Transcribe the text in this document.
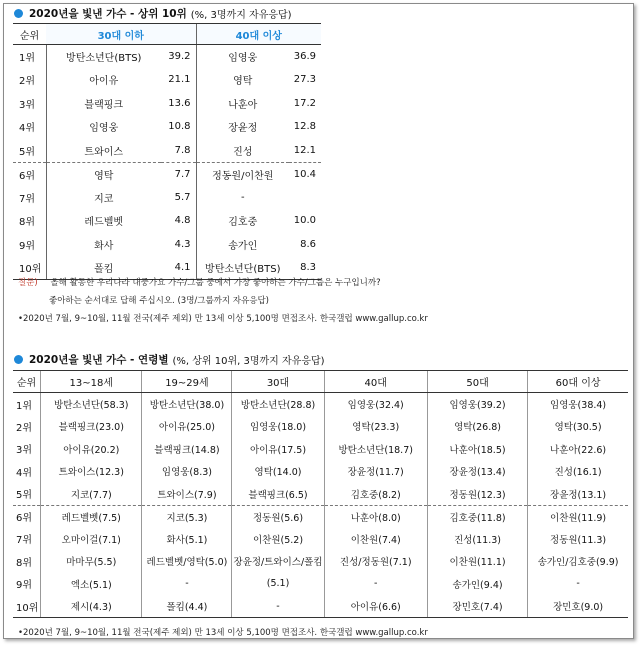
2020년을 빛낸 가수 - 상위 10위 (%, 3명까지 자유응답)
순위	30대 이하		40대 이상	
1위	방탄소년단(BTS)	39.2	임영웅	36.9
2위	아이유	21.1	영탁	27.3
3위	블랙핑크	13.6	나훈아	17.2
4위	임영웅	10.8	장윤정	12.8
5위	트와이스	7.8	진성	12.1
6위	영탁	7.7	정동원/이찬원	10.4
7위	지코	5.7	-	
8위	레드벨벳	4.8	김호중	10.0
9위	화사	4.3	송가인	8.6
10위	폴킴	4.1	방탄소년단(BTS)	8.3
질문) 올해 활동한 우리나라 대중가요 가수/그룹 중에서 가장 좋아하는 가수/그룹은 누구입니까?
좋아하는 순서대로 답해 주십시오. (3명/그룹까지 자유응답)
•2020년 7월, 9~10월, 11월 전국(제주 제외) 만 13세 이상 5,100명 면접조사. 한국갤럽 www.gallup.co.kr
2020년을 빛낸 가수 - 연령별 (%, 상위 10위, 3명까지 자유응답)
순위	13~18세	19~29세	30대	40대	50대	60대 이상
1위	방탄소년단(58.3)	방탄소년단(38.0)	방탄소년단(28.8)	임영웅(32.4)	임영웅(39.2)	임영웅(38.4)
2위	블랙핑크(23.0)	아이유(25.0)	임영웅(18.0)	영탁(23.3)	영탁(26.8)	영탁(30.5)
3위	아이유(20.2)	블랙핑크(14.8)	아이유(17.5)	방탄소년단(18.7)	나훈아(18.5)	나훈아(22.6)
4위	트와이스(12.3)	임영웅(8.3)	영탁(14.0)	장윤정(11.7)	장윤정(13.4)	진성(16.1)
5위	지코(7.7)	트와이스(7.9)	블랙핑크(6.5)	김호중(8.2)	정동원(12.3)	장윤정(13.1)
6위	레드벨벳(7.5)	지코(5.3)	정동원(5.6)	나훈아(8.0)	김호중(11.8)	이찬원(11.9)
7위	오마이걸(7.1)	화사(5.1)	이찬원(5.2)	이찬원(7.4)	진성(11.3)	정동원(11.3)
8위	마마무(5.5)	레드벨벳/영탁(5.0)	장윤정/트와이스/폴킴	진성/정동원(7.1)	이찬원(11.1)	송가인/김호중(9.9)
9위	엑소(5.1)	-	(5.1)	-	송가인(9.4)	-
10위	제시(4.3)	폴킴(4.4)	-	아이유(6.6)	장민호(7.4)	장민호(9.0)
•2020년 7월, 9~10월, 11월 전국(제주 제외) 만 13세 이상 5,100명 면접조사. 한국갤럽 www.gallup.co.kr
